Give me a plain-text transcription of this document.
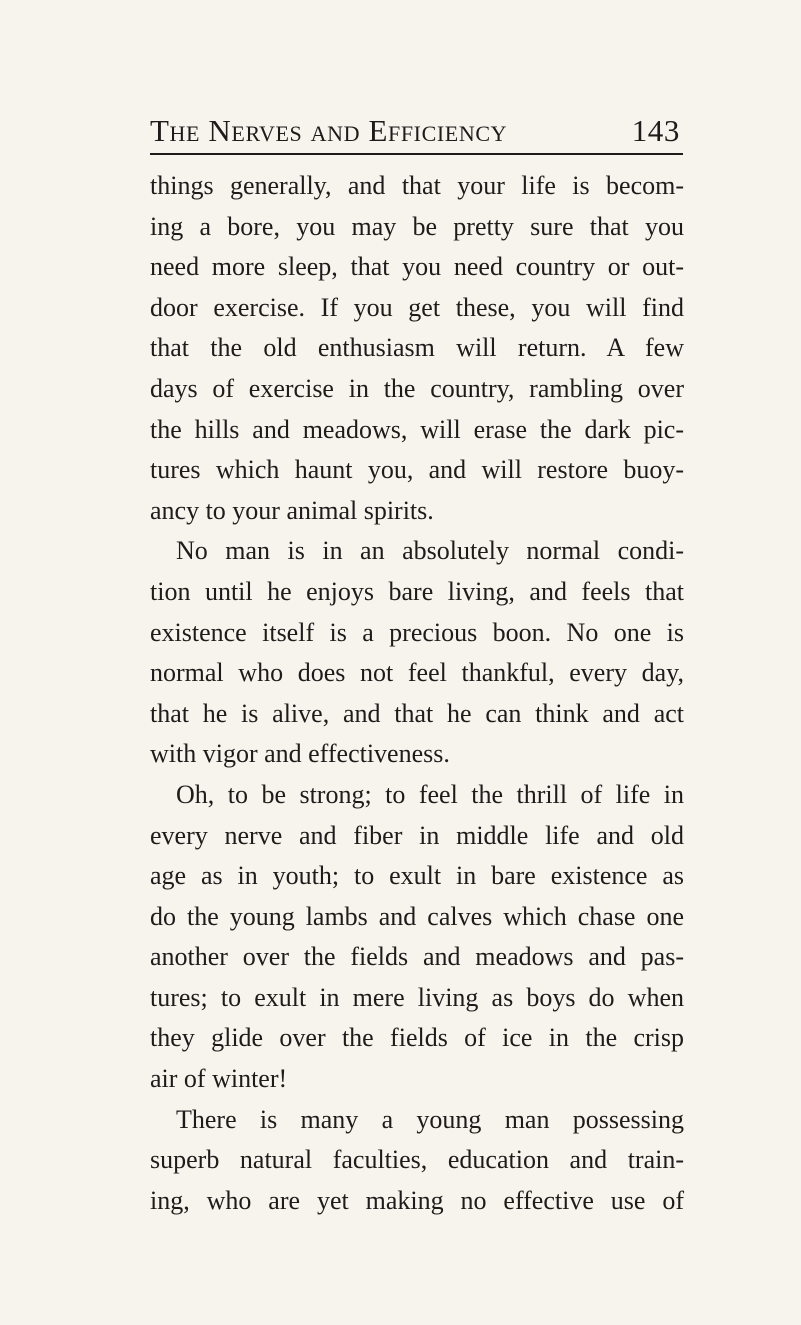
The Nerves and Efficiency	143
things generally, and that your life is becom-
ing a bore, you may be pretty sure that you
need more sleep, that you need country or out-
door exercise. If you get these, you will find
that the old enthusiasm will return. A few
days of exercise in the country, rambling over
the hills and meadows, will erase the dark pic-
tures which haunt you, and will restore buoy-
ancy to your animal spirits.
No man is in an absolutely normal condi-
tion until he enjoys bare living, and feels that
existence itself is a precious boon. No one is
normal who does not feel thankful, every day,
that he is alive, and that he can think and act
with vigor and effectiveness.
Oh, to be strong; to feel the thrill of life in
every nerve and fiber in middle life and old
age as in youth; to exult in bare existence as
do the young lambs and calves which chase one
another over the fields and meadows and pas-
tures; to exult in mere living as boys do when
they glide over the fields of ice in the crisp
air of winter!
There is many a young man possessing
superb natural faculties, education and train-
ing, who are yet making no effective use of
